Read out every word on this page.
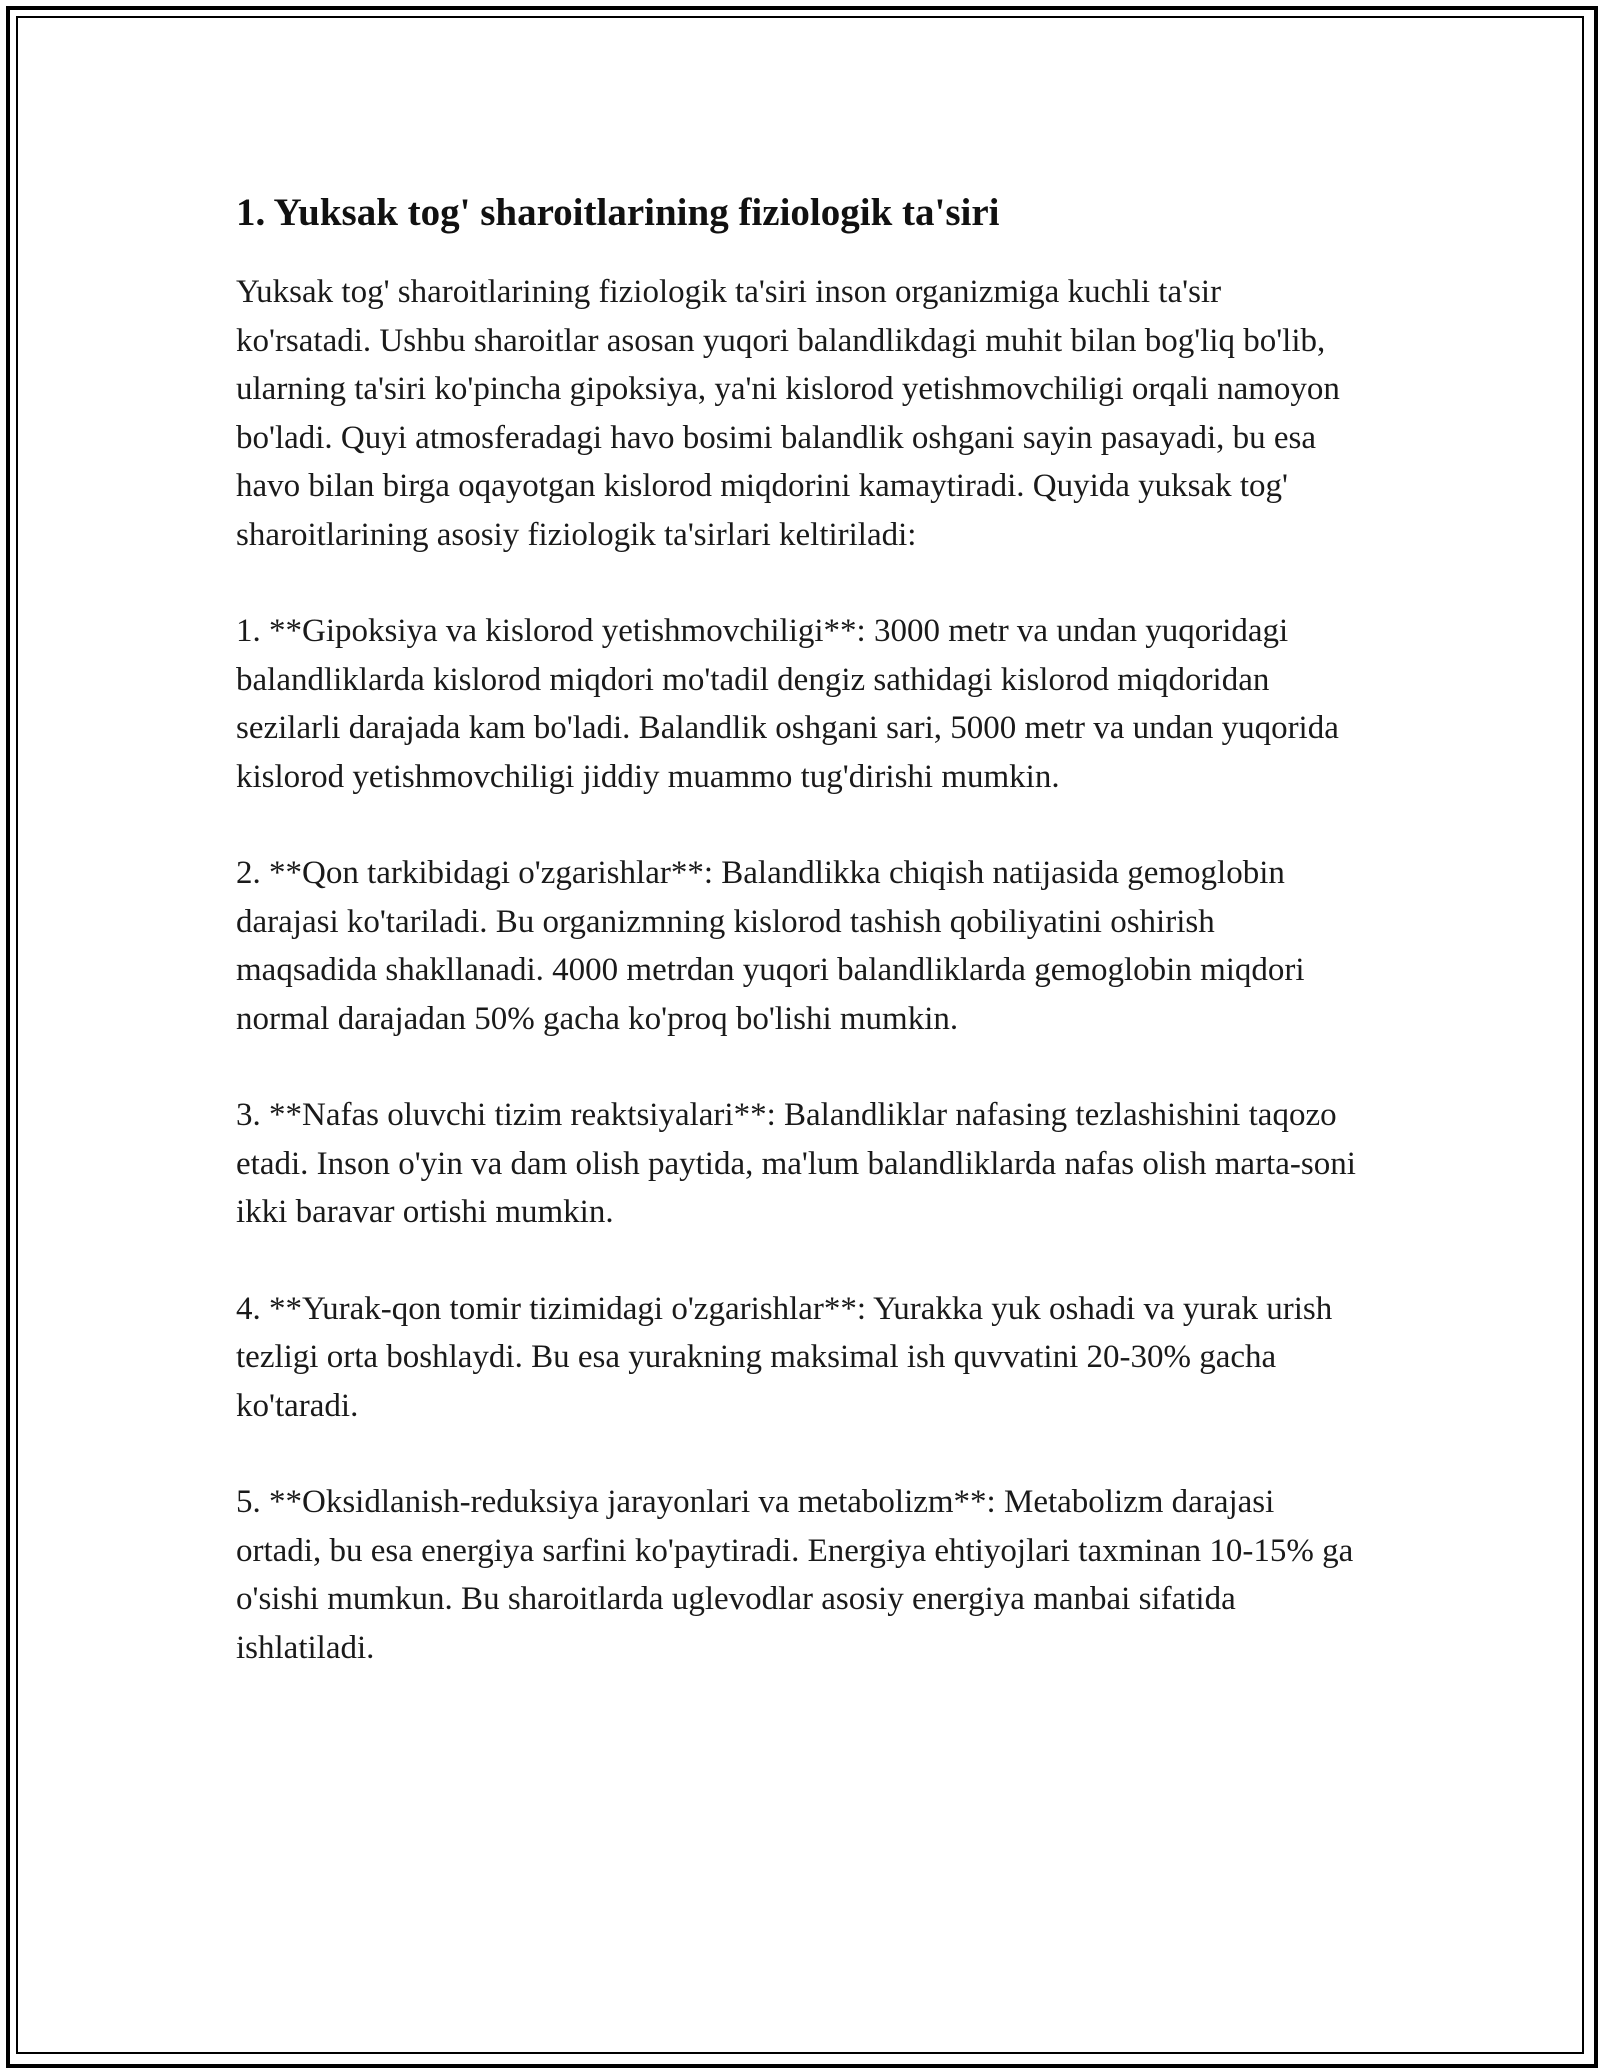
1. Yuksak tog' sharoitlarining fiziologik ta'siri

Yuksak tog' sharoitlarining fiziologik ta'siri inson organizmiga kuchli ta'sir ko'rsatadi. Ushbu sharoitlar asosan yuqori balandlikdagi muhit bilan bog'liq bo'lib, ularning ta'siri ko'pincha gipoksiya, ya'ni kislorod yetishmovchiligi orqali namoyon bo'ladi. Quyi atmosferadagi havo bosimi balandlik oshgani sayin pasayadi, bu esa havo bilan birga oqayotgan kislorod miqdorini kamaytiradi. Quyida yuksak tog' sharoitlarining asosiy fiziologik ta'sirlari keltiriladi:

1. **Gipoksiya va kislorod yetishmovchiligi**: 3000 metr va undan yuqoridagi balandliklarda kislorod miqdori mo'tadil dengiz sathidagi kislorod miqdoridan sezilarli darajada kam bo'ladi. Balandlik oshgani sari, 5000 metr va undan yuqorida kislorod yetishmovchiligi jiddiy muammo tug'dirishi mumkin.

2. **Qon tarkibidagi o'zgarishlar**: Balandlikka chiqish natijasida gemoglobin darajasi ko'tariladi. Bu organizmning kislorod tashish qobiliyatini oshirish maqsadida shakllanadi. 4000 metrdan yuqori balandliklarda gemoglobin miqdori normal darajadan 50% gacha ko'proq bo'lishi mumkin.

3. **Nafas oluvchi tizim reaktsiyalari**: Balandliklar nafasing tezlashishini taqozo etadi. Inson o'yin va dam olish paytida, ma'lum balandliklarda nafas olish marta-soni ikki baravar ortishi mumkin.

4. **Yurak-qon tomir tizimidagi o'zgarishlar**: Yurakka yuk oshadi va yurak urish tezligi orta boshlaydi. Bu esa yurakning maksimal ish quvvatini 20-30% gacha ko'taradi.

5. **Oksidlanish-reduksiya jarayonlari va metabolizm**: Metabolizm darajasi ortadi, bu esa energiya sarfini ko'paytiradi. Energiya ehtiyojlari taxminan 10-15% ga o'sishi mumkun. Bu sharoitlarda uglevodlar asosiy energiya manbai sifatida ishlatiladi.
